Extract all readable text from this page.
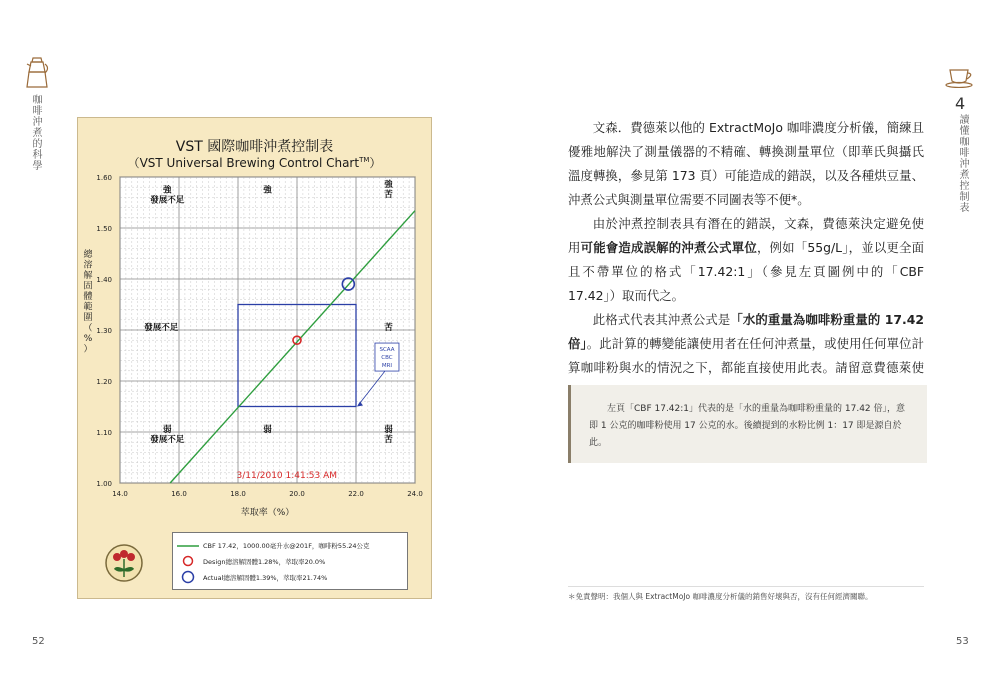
咖啡沖煮的科學
52
VST 國際咖啡沖煮控制表
（VST Universal Brewing Control Chart™）
14.0	16.0	18.0	20.0	22.0	24.0
1.00
1.10
1.20
1.30
1.40
1.50
1.60
萃取率（%）
總
溶
解
固
體
範
圍
（
%
）	SCAA
CBC
MRI
強
發展不足
強
強
苦
發展不足	苦
弱
發展不足
弱	弱
苦
3/11/2010 1:41:53 AM
CBF 17.42，1000.00毫升水@201F，咖啡粉55.24公克
Design總溶解固體1.28%，萃取率20.0%
Actual總溶解固體1.39%，萃取率21.74%
4
讀懂咖啡沖煮控制表
53

文森．費德萊以他的 ExtractMoJo 咖啡濃度分析儀，簡練且優雅地解決了測量儀器的不精確、轉換測量單位（即華氏與攝氏溫度轉換，參見第 173 頁）可能造成的錯誤，以及各種烘豆量、沖煮公式與測量單位需要不同圖表等不便*。

由於沖煮控制表具有潛在的錯誤，文森，費德萊決定避免使用可能會造成誤解的沖煮公式單位，例如「55g/L」，並以更全面且不帶單位的格式「17.42:1」（參見左頁圖例中的「CBF 17.42」）取而代之。

此格式代表其沖煮公式是「水的重量為咖啡粉重量的 17.42 倍」。此計算的轉變能讓使用者在任何沖煮量，或使用任何單位計算咖啡粉與水的情況之下，都能直接使用此表。請留意費德萊使

左頁「CBF 17.42:1」代表的是「水的重量為咖啡粉重量的 17.42 倍」，意即 1 公克的咖啡粉使用 17 公克的水。後續提到的水粉比例 1：17 即是源自於此。

＊免責聲明：我個人與 ExtractMoJo 咖啡濃度分析儀的銷售好壞與否，沒有任何經濟關聯。
